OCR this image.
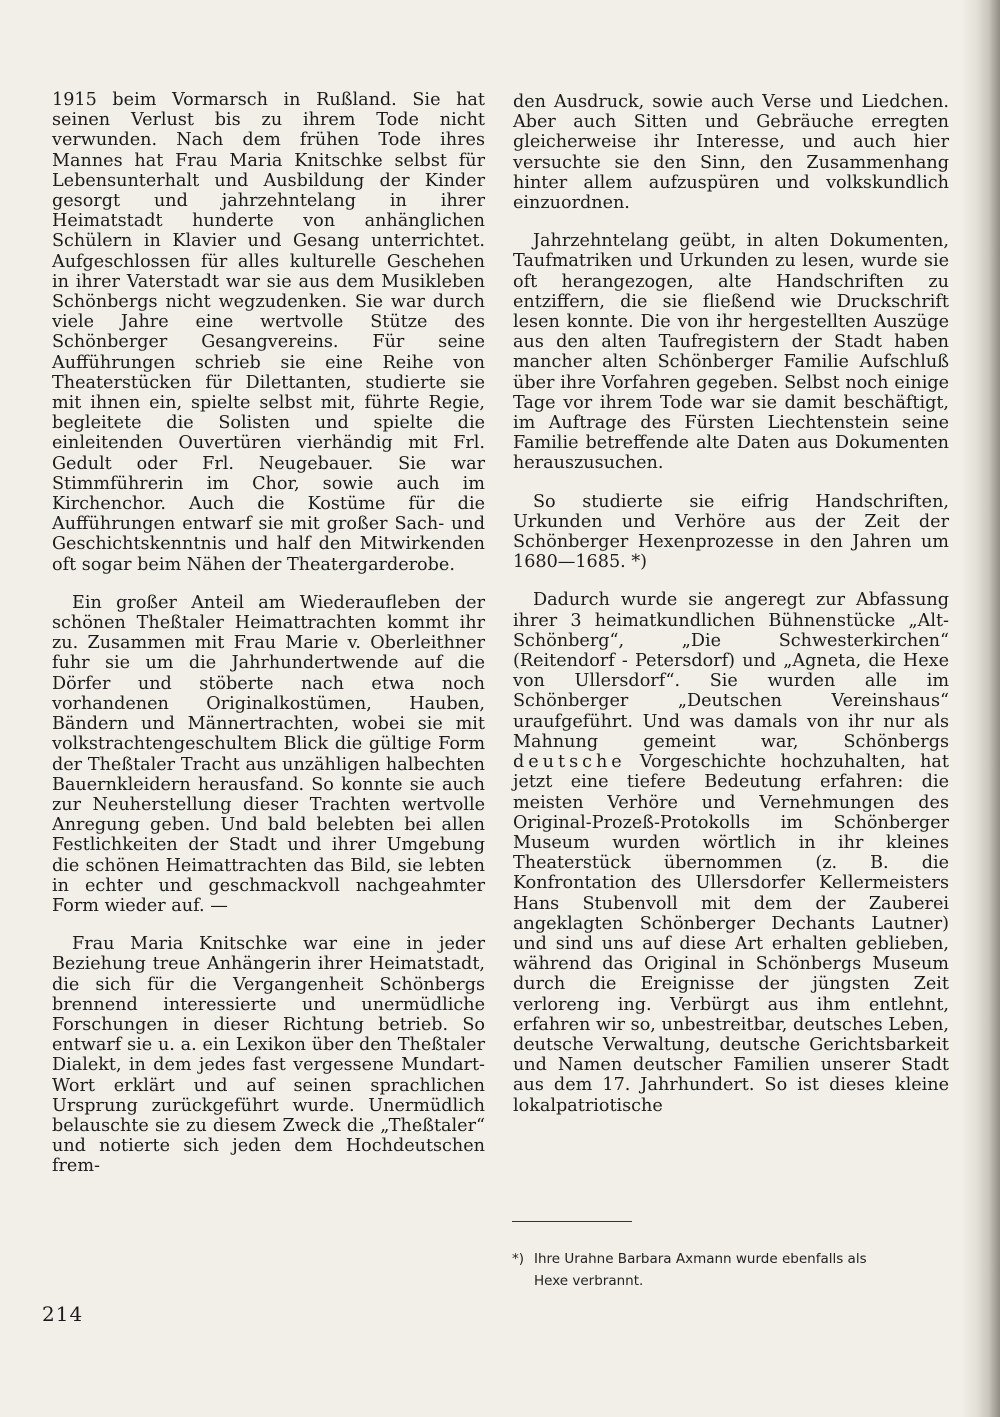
1915 beim Vormarsch in Rußland. Sie hat seinen Verlust bis zu ihrem Tode nicht verwunden. Nach dem frühen Tode ihres Mannes hat Frau Maria Knitschke selbst für Lebensunterhalt und Ausbildung der Kinder gesorgt und jahrzehntelang in ihrer Heimatstadt hunderte von anhänglichen Schülern in Klavier und Gesang unterrichtet. Aufgeschlossen für alles kulturelle Geschehen in ihrer Vaterstadt war sie aus dem Musikleben Schönbergs nicht wegzudenken. Sie war durch viele Jahre eine wertvolle Stütze des Schönberger Gesangvereins. Für seine Aufführungen schrieb sie eine Reihe von Theaterstücken für Dilettanten, studierte sie mit ihnen ein, spielte selbst mit, führte Regie, begleitete die Solisten und spielte die einleitenden Ouvertüren vierhändig mit Frl. Gedult oder Frl. Neugebauer. Sie war Stimmführerin im Chor, sowie auch im Kirchenchor. Auch die Kostüme für die Aufführungen entwarf sie mit großer Sach- und Geschichtskenntnis und half den Mitwirkenden oft sogar beim Nähen der Theatergarderobe.

Ein großer Anteil am Wiederaufleben der schönen Theßtaler Heimattrachten kommt ihr zu. Zusammen mit Frau Marie v. Oberleithner fuhr sie um die Jahrhundertwende auf die Dörfer und stöberte nach etwa noch vorhandenen Originalkostümen, Hauben, Bändern und Männertrachten, wobei sie mit volkstrachtengeschultem Blick die gültige Form der Theßtaler Tracht aus unzähligen halbechten Bauernkleidern herausfand. So konnte sie auch zur Neuherstellung dieser Trachten wertvolle Anregung geben. Und bald belebten bei allen Festlichkeiten der Stadt und ihrer Umgebung die schönen Heimattrachten das Bild, sie lebten in echter und geschmackvoll nachgeahmter Form wieder auf. —

Frau Maria Knitschke war eine in jeder Beziehung treue Anhängerin ihrer Heimatstadt, die sich für die Vergangenheit Schönbergs brennend interessierte und unermüdliche Forschungen in dieser Richtung betrieb. So entwarf sie u. a. ein Lexikon über den Theßtaler Dialekt, in dem jedes fast vergessene Mundart-Wort erklärt und auf seinen sprachlichen Ursprung zurückgeführt wurde. Unermüdlich belauschte sie zu diesem Zweck die „Theßtaler“ und notierte sich jeden dem Hochdeutschen frem-

den Ausdruck, sowie auch Verse und Liedchen. Aber auch Sitten und Gebräuche erregten gleicherweise ihr Interesse, und auch hier versuchte sie den Sinn, den Zusammenhang hinter allem aufzuspüren und volkskundlich einzuordnen.

Jahrzehntelang geübt, in alten Dokumenten, Taufmatriken und Urkunden zu lesen, wurde sie oft herangezogen, alte Handschriften zu entziffern, die sie fließend wie Druckschrift lesen konnte. Die von ihr hergestellten Auszüge aus den alten Taufregistern der Stadt haben mancher alten Schönberger Familie Aufschluß über ihre Vorfahren gegeben. Selbst noch einige Tage vor ihrem Tode war sie damit beschäftigt, im Auftrage des Fürsten Liechtenstein seine Familie betreffende alte Daten aus Dokumenten herauszusuchen.

So studierte sie eifrig Handschriften, Urkunden und Verhöre aus der Zeit der Schönberger Hexenprozesse in den Jahren um 1680—1685. *)

Dadurch wurde sie angeregt zur Abfassung ihrer 3 heimatkundlichen Bühnenstücke „Alt-Schönberg“, „Die Schwesterkirchen“ (Reitendorf - Petersdorf) und „Agneta, die Hexe von Ullersdorf“. Sie wurden alle im Schönberger „Deutschen Vereinshaus“ uraufgeführt. Und was damals von ihr nur als Mahnung gemeint war, Schönbergs deutsche Vorgeschichte hochzuhalten, hat jetzt eine tiefere Bedeutung erfahren: die meisten Verhöre und Vernehmungen des Original-Prozeß-Protokolls im Schönberger Museum wurden wörtlich in ihr kleines Theaterstück übernommen (z. B. die Konfrontation des Ullersdorfer Kellermeisters Hans Stubenvoll mit dem der Zauberei angeklagten Schönberger Dechants Lautner) und sind uns auf diese Art erhalten geblieben, während das Original in Schönbergs Museum durch die Ereignisse der jüngsten Zeit verloreng ing. Verbürgt aus ihm entlehnt, erfahren wir so, unbestreitbar, deutsches Leben, deutsche Verwaltung, deutsche Gerichtsbarkeit und Namen deutscher Familien unserer Stadt aus dem 17. Jahrhundert. So ist dieses kleine lokalpatriotische

*) Ihre Urahne Barbara Axmann wurde ebenfalls als
Hexe verbrannt.
214
